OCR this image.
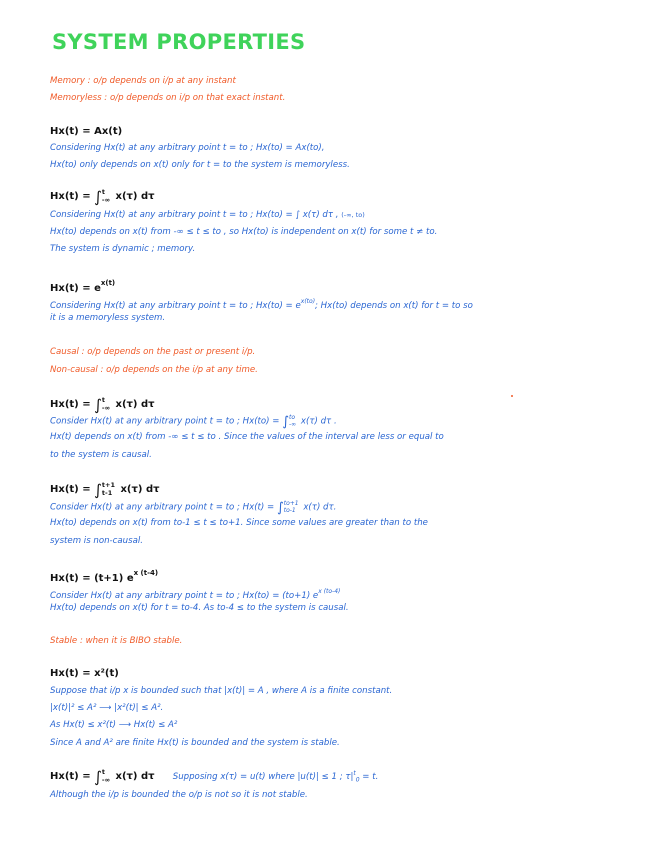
SYSTEM PROPERTIES
Memory : o/p depends on i/p at any instant
Memoryless : o/p depends on i/p on that exact instant.
Hx(t) = Ax(t)
Considering Hx(t) at any arbitrary point t = to ; Hx(to) = Ax(to),
Hx(to) only depends on x(t) only for t = to the system is memoryless.
Hx(t) = ∫ t
-∞ x(τ) dτ
Considering Hx(t) at any arbitrary point t = to ; Hx(to) = ∫ x(τ) dτ , (-∞, to)
Hx(to) depends on x(t) from -∞ ≤ t ≤ to , so Hx(to) is independent on x(t) for some t ≠ to.
The system is dynamic ; memory.
$Hx(t) = e^{x(t)}$
Considering Hx(t) at any arbitrary point t = to ; $Hx(to) = e^{x(to)}$; Hx(to) depends on x(t) for t = to so
it is a memoryless system.
Causal : o/p depends on the past or present i/p.
Non-causal : o/p depends on the i/p at any time.
Hx(t) = ∫ t
-∞ x(τ) dτ
Consider Hx(t) at any arbitrary point t = to ; Hx(to) = ∫ to
-∞ x(τ) dτ .
Hx(t) depends on x(t) from -∞ ≤ t ≤ to . Since the values of the interval are less or equal to
to the system is causal.
Hx(t) = ∫ t+1
t-1 x(τ) dτ
Consider Hx(t) at any arbitrary point t = to ; Hx(t) = ∫ to+1
to-1 x(τ) dτ.
Hx(to) depends on x(t) from to-1 ≤ t ≤ to+1. Since some values are greater than to the
system is non-causal.
Hx(t) = (t+1) $e^{x (t-4)}$
Consider Hx(t) at any arbitrary point t = to ; Hx(to) = (to+1) $e^{x (to-4)}$
Hx(to) depends on x(t) for t = to-4. As to-4 ≤ to the system is causal.
Stable : when it is BIBO stable.
Hx(t) = x²(t)
Suppose that i/p x is bounded such that |x(t)| = A , where A is a finite constant.
|x(t)|² ≤ A² ⟶ |x²(t)| ≤ A².
As Hx(t) ≤ x²(t) ⟶ Hx(t) ≤ A²
Since A and A² are finite Hx(t) is bounded and the system is stable.
Hx(t) = ∫ t
-∞ x(τ) dτ Supposing x(τ) = u(t) where |u(t)| ≤ 1 ; $\tau|^t_0 = t$.
Although the i/p is bounded the o/p is not so it is not stable.
